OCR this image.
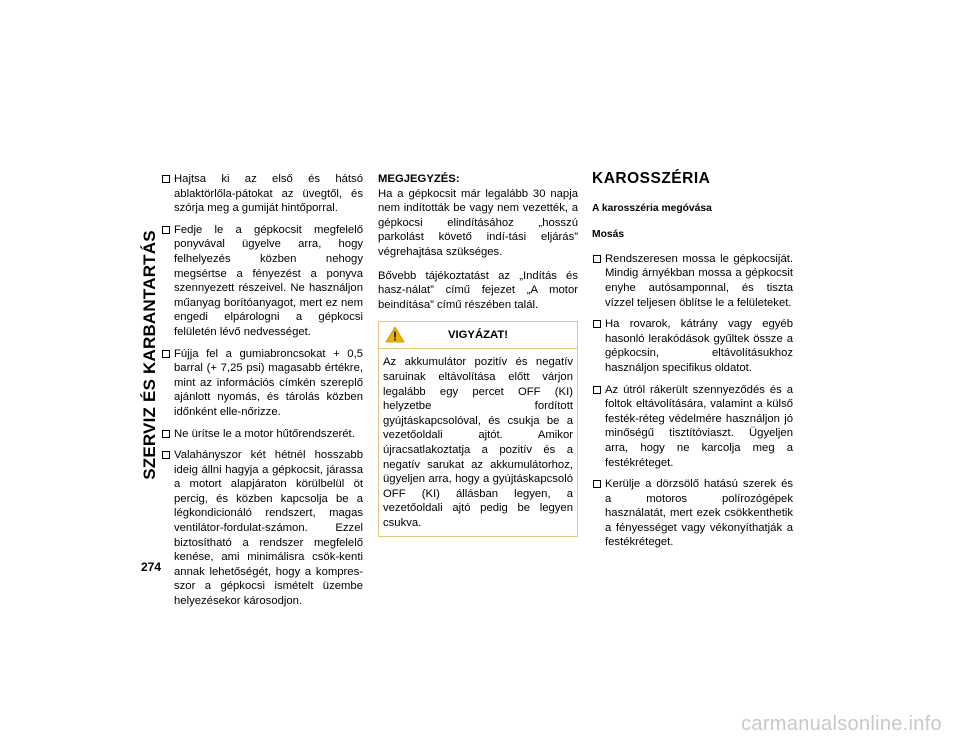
SZERVIZ ÉS KARBANTARTÁS
274
Hajtsa ki az első és hátsó ablaktörlőla-pátokat az üvegtől, és szórja meg a gumiját hintőporral.
Fedje le a gépkocsit megfelelő ponyvával ügyelve arra, hogy felhelyezés közben nehogy megsértse a fényezést a ponyva szennyezett részeivel. Ne használjon műanyag borítóanyagot, mert ez nem engedi elpárologni a gépkocsi felületén lévő nedvességet.
Fújja fel a gumiabroncsokat + 0,5 barral (+ 7,25 psi) magasabb értékre, mint az információs címkén szereplő ajánlott nyomás, és tárolás közben időnként elle-nőrizze.
Ne ürítse le a motor hűtőrendszerét.
Valahányszor két hétnél hosszabb ideig állni hagyja a gépkocsit, járassa a motort alapjáraton körülbelül öt percig, és közben kapcsolja be a légkondicionáló rendszert, magas ventilátor-fordulat-számon. Ezzel biztosítható a rendszer megfelelő kenése, ami minimálisra csök-kenti annak lehetőségét, hogy a kompres-szor a gépkocsi ismételt üzembe helyezésekor károsodjon.

MEGJEGYZÉS:

Ha a gépkocsit már legalább 30 napja nem indították be vagy nem vezették, a gépkocsi elindításához „hosszú parkolást követő indí-tási eljárás” végrehajtása szükséges.

Bővebb tájékoztatást az „Indítás és hasz-nálat” című fejezet „A motor beindítása” című részében talál.

VIGYÁZAT!
Az akkumulátor pozitív és negatív saruinak eltávolítása előtt várjon legalább egy percet OFF (KI) helyzetbe fordított gyújtáskapcsolóval, és csukja be a vezetőoldali ajtót. Amikor újracsatlakoztatja a pozitív és a negatív sarukat az akkumulátorhoz, ügyeljen arra, hogy a gyújtáskapcsoló OFF (KI) állásban legyen, a vezetőoldali ajtó pedig be legyen csukva.
KAROSSZÉRIA
A karosszéria megóvása
Mosás
Rendszeresen mossa le gépkocsiját. Mindig árnyékban mossa a gépkocsit enyhe autósamponnal, és tiszta vízzel teljesen öblítse le a felületeket.
Ha rovarok, kátrány vagy egyéb hasonló lerakódások gyűltek össze a gépkocsin, eltávolításukhoz használjon specifikus oldatot.
Az útról rákerült szennyeződés és a foltok eltávolítására, valamint a külső festék-réteg védelmére használjon jó minőségű tisztítóviaszt. Ügyeljen arra, hogy ne karcolja meg a festékréteget.
Kerülje a dörzsölő hatású szerek és a motoros polírozógépek használatát, mert ezek csökkenthetik a fényességet vagy vékonyíthatják a festékréteget.
carmanualsonline.info
